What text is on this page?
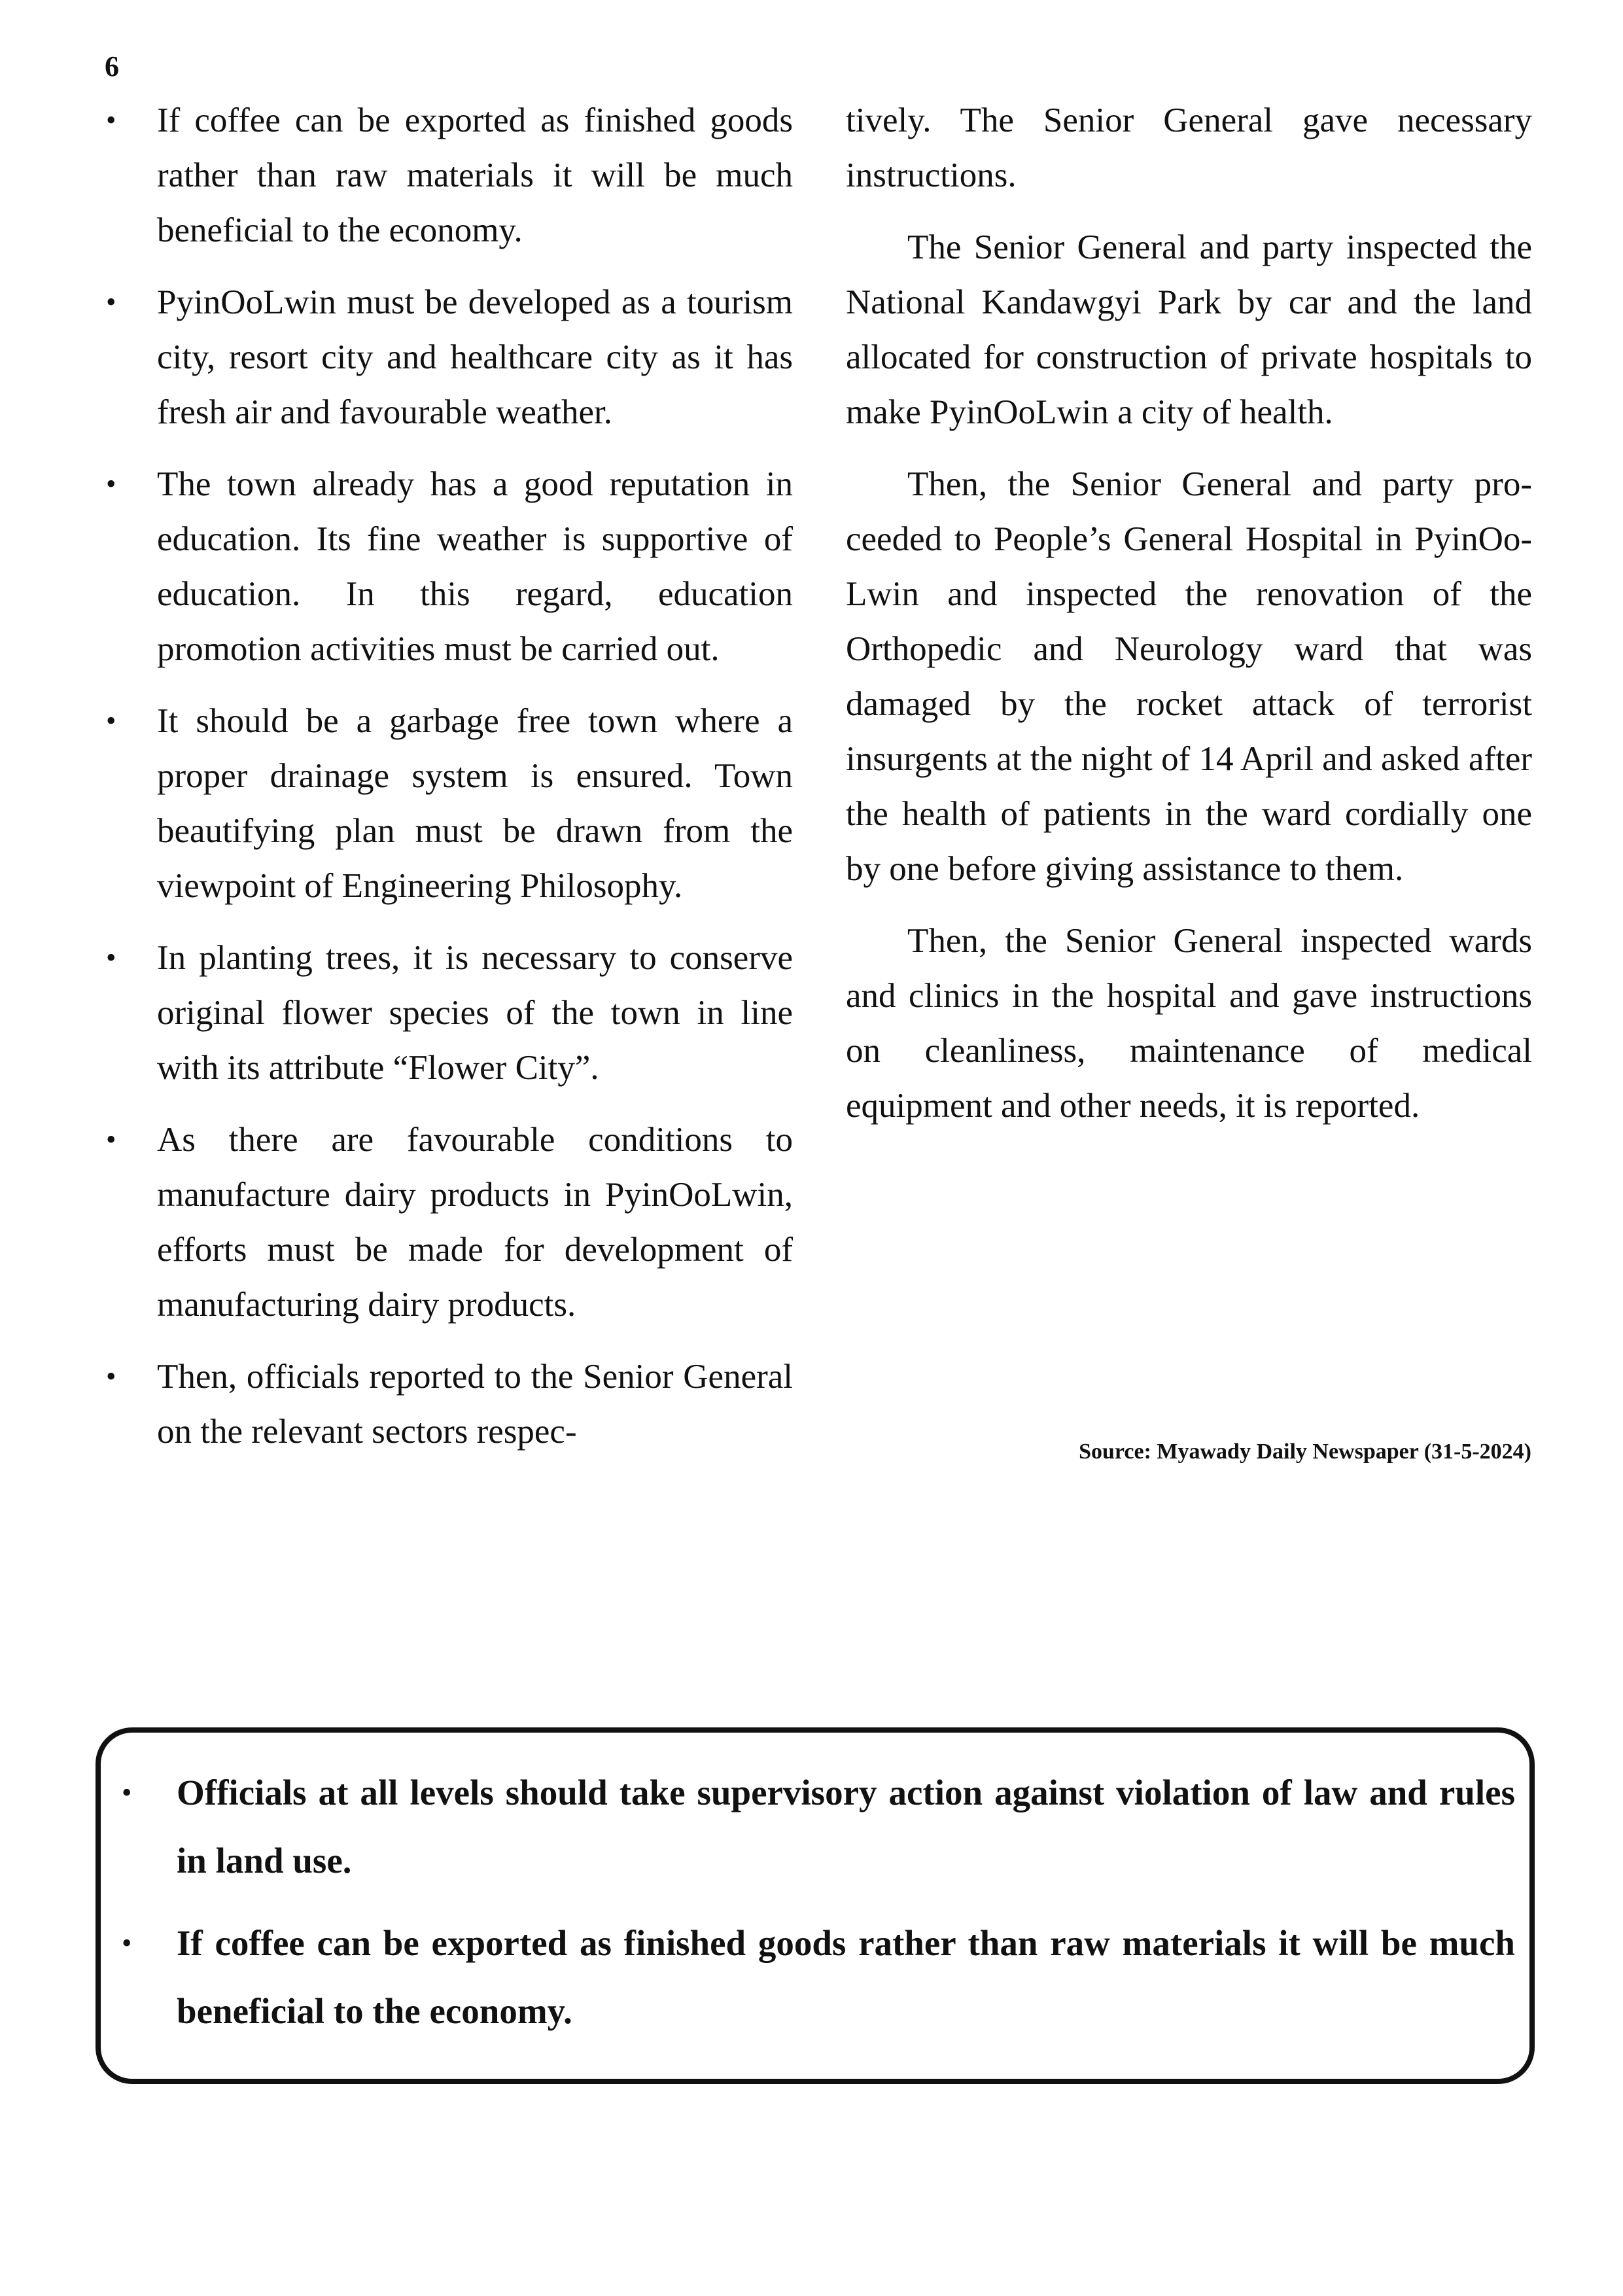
6
•	If coffee can be exported as finished goods rather than raw materials it will be much beneficial to the economy.
•	PyinOoLwin must be developed as a tourism city, resort city and healthcare city as it has fresh air and favourable weather.
•	The town already has a good reputation in education. Its fine weather is supportive of education. In this regard, education promotion activities must be carried out.
•	It should be a garbage free town where a proper drainage system is ensured. Town beautifying plan must be drawn from the viewpoint of Engineering Philosophy.
•	In planting trees, it is necessary to conserve original flower species of the town in line with its attribute “Flower City”.
•	As there are favourable conditions to manufacture dairy products in PyinOoLwin, efforts must be made for development of manufacturing dairy products.
•	Then, officials reported to the Senior General on the relevant sectors respec-

tively. The Senior General gave necessary instructions.

The Senior General and party inspected the National Kandawgyi Park by car and the land allocated for construction of private hospitals to make PyinOoLwin a city of health.

Then, the Senior General and party proceeded to People’s General Hospital in PyinOo- Lwin and inspected the renovation of the Orthopedic and Neurology ward that was damaged by the rocket attack of terrorist insurgents at the night of 14 April and asked after the health of patients in the ward cordially one by one before giving assistance to them.

Then, the Senior General inspected wards and clinics in the hospital and gave instructions on cleanliness, maintenance of medical equipment and other needs, it is reported.

Source: Myawady Daily Newspaper (31-5-2024)
• Officials at all levels should take supervisory action against violation of law and rules in land use.
• If coffee can be exported as finished goods rather than raw materials it will be much beneficial to the economy.
